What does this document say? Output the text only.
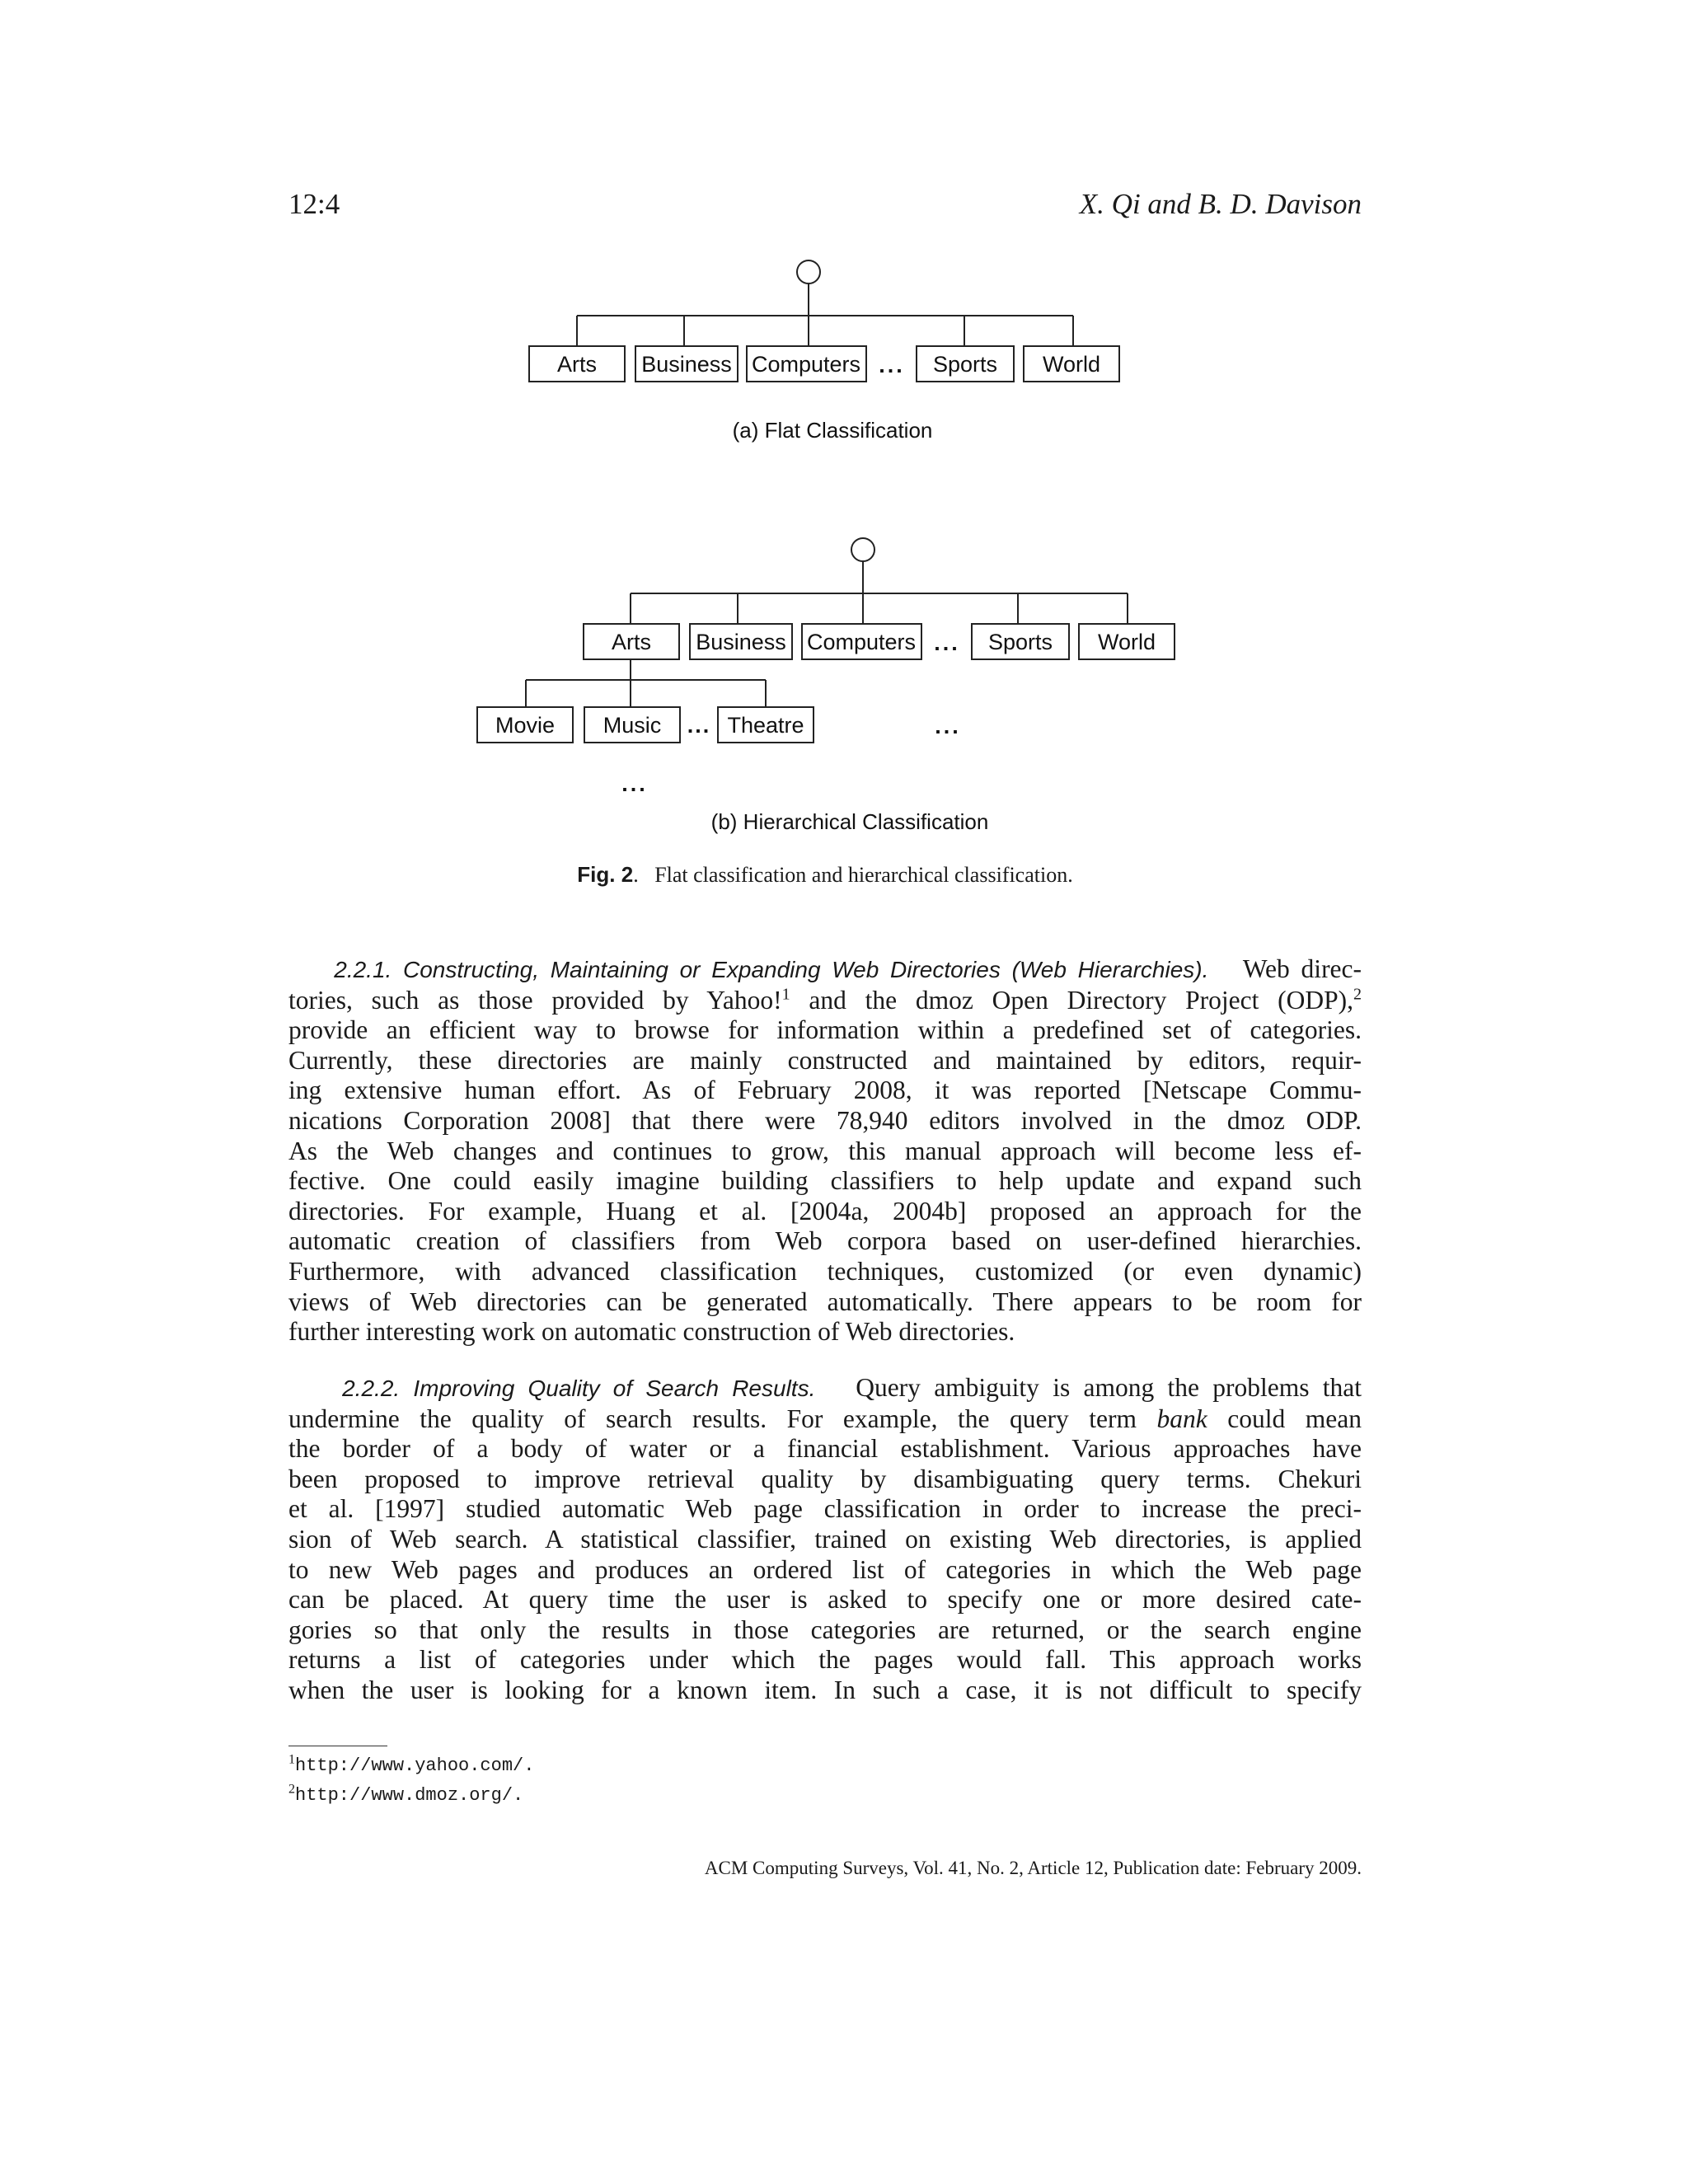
12:4	X. Qi and B. D. Davison
Arts Business Computers	Sports World
...
(a) Flat Classification
Arts Business Computers	Sports World
...
Movie Music	Theatre
...	...
...
(b) Hierarchical Classification
Fig. 2. Flat classification and hierarchical classification.
2.2.1. Constructing, Maintaining or Expanding Web Directories (Web Hierarchies). Web direc-
tories, such as those provided by Yahoo!$^1$ and the dmoz Open Directory Project (ODP),$^2$
provide an efficient way to browse for information within a predefined set of categories.
Currently, these directories are mainly constructed and maintained by editors, requir-
ing extensive human effort. As of February 2008, it was reported [Netscape Commu-
nications Corporation 2008] that there were 78,940 editors involved in the dmoz ODP.
As the Web changes and continues to grow, this manual approach will become less ef-
fective. One could easily imagine building classifiers to help update and expand such
directories. For example, Huang et al. [2004a, 2004b] proposed an approach for the
automatic creation of classifiers from Web corpora based on user-defined hierarchies.
Furthermore, with advanced classification techniques, customized (or even dynamic)
views of Web directories can be generated automatically. There appears to be room for
further interesting work on automatic construction of Web directories.
2.2.2. Improving Quality of Search Results. Query ambiguity is among the problems that
undermine the quality of search results. For example, the query term bank could mean
the border of a body of water or a financial establishment. Various approaches have
been proposed to improve retrieval quality by disambiguating query terms. Chekuri
et al. [1997] studied automatic Web page classification in order to increase the preci-
sion of Web search. A statistical classifier, trained on existing Web directories, is applied
to new Web pages and produces an ordered list of categories in which the Web page
can be placed. At query time the user is asked to specify one or more desired cate-
gories so that only the results in those categories are returned, or the search engine
returns a list of categories under which the pages would fall. This approach works
when the user is looking for a known item. In such a case, it is not difficult to specify
$^1$http://www.yahoo.com/.
$^2$http://www.dmoz.org/.
ACM Computing Surveys, Vol. 41, No. 2, Article 12, Publication date: February 2009.
